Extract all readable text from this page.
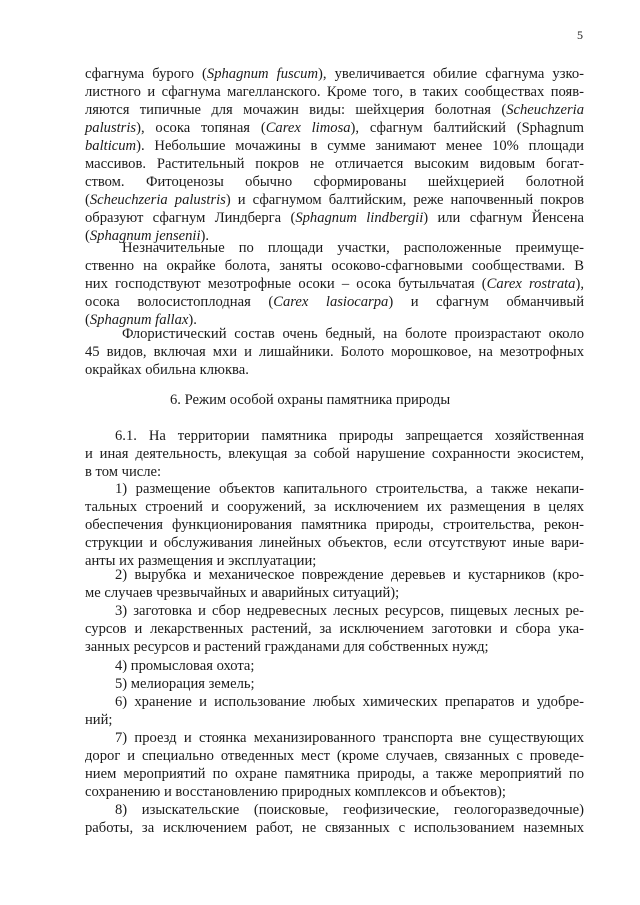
5
сфагнума бурого (Sphagnum fuscum), увеличивается обилие сфагнума узко-
листного и сфагнума магелланского. Кроме того, в таких сообществах появ-
ляются типичные для мочажин виды: шейхцерия болотная (Scheuchzeria
palustris), осока топяная (Carex limosa), сфагнум балтийский (Sphagnum
balticum). Небольшие мочажины в сумме занимают менее 10% площади
массивов. Растительный покров не отличается высоким видовым богат-
ством. Фитоценозы обычно сформированы шейхцерией болотной
(Scheuchzeria palustris) и сфагнумом балтийским, реже напочвенный покров
образуют сфагнум Линдберга (Sphagnum lindbergii) или сфагнум Йенсена
(Sphagnum jensenii).
Незначительные по площади участки, расположенные преимуще-
ственно на окрайке болота, заняты осоково-сфагновыми сообществами. В
них господствуют мезотрофные осоки – осока бутыльчатая (Carex rostrata),
осока волосистоплодная (Carex lasiocarpa) и сфагнум обманчивый
(Sphagnum fallax).
Флористический состав очень бедный, на болоте произрастают около
45 видов, включая мхи и лишайники. Болото морошковое, на мезотрофных
окрайках обильна клюква.
6. Режим особой охраны памятника природы
6.1. На территории памятника природы запрещается хозяйственная
и иная деятельность, влекущая за собой нарушение сохранности экосистем,
в том числе:
1) размещение объектов капитального строительства, а также некапи-
тальных строений и сооружений, за исключением их размещения в целях
обеспечения функционирования памятника природы, строительства, рекон-
струкции и обслуживания линейных объектов, если отсутствуют иные вари-
анты их размещения и эксплуатации;
2) вырубка и механическое повреждение деревьев и кустарников (кро-
ме случаев чрезвычайных и аварийных ситуаций);
3) заготовка и сбор недревесных лесных ресурсов, пищевых лесных ре-
сурсов и лекарственных растений, за исключением заготовки и сбора ука-
занных ресурсов и растений гражданами для собственных нужд;
4) промысловая охота;
5) мелиорация земель;
6) хранение и использование любых химических препаратов и удобре-
ний;
7) проезд и стоянка механизированного транспорта вне существующих
дорог и специально отведенных мест (кроме случаев, связанных с проведе-
нием мероприятий по охране памятника природы, а также мероприятий по
сохранению и восстановлению природных комплексов и объектов);
8) изыскательские (поисковые, геофизические, геологоразведочные)
работы, за исключением работ, не связанных с использованием наземных
